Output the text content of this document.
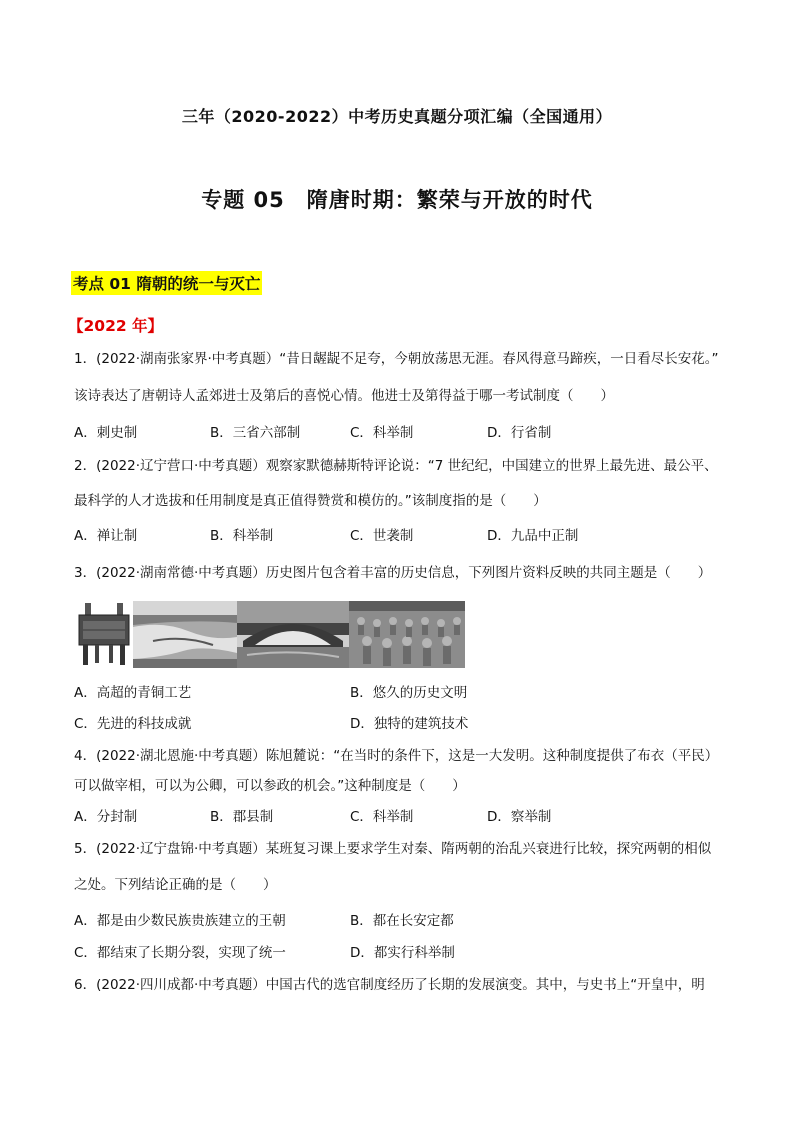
三年（2020-2022）中考历史真题分项汇编（全国通用）
专题 05　隋唐时期：繁荣与开放的时代
考点 01 隋朝的统一与灭亡
【2022 年】
1．(2022·湖南张家界·中考真题）“昔日龌龊不足夸，今朝放荡思无涯。春风得意马蹄疾，一日看尽长安花。”
该诗表达了唐朝诗人孟郊进士及第后的喜悦心情。他进士及第得益于哪一考试制度（　　）
A．刺史制	B．三省六部制	C．科举制	D．行省制
2．(2022·辽宁营口·中考真题）观察家默德赫斯特评论说：“7 世纪纪，中国建立的世界上最先进、最公平、
最科学的人才选拔和任用制度是真正值得赞赏和模仿的。”该制度指的是（　　）
A．禅让制	B．科举制	C．世袭制	D．九品中正制
3．(2022·湖南常德·中考真题）历史图片包含着丰富的历史信息，下列图片资料反映的共同主题是（　　）
A．高超的青铜工艺	B．悠久的历史文明
C．先进的科技成就	D．独特的建筑技术
4．(2022·湖北恩施·中考真题）陈旭麓说：“在当时的条件下，这是一大发明。这种制度提供了布衣（平民）
可以做宰相，可以为公卿，可以参政的机会。”这种制度是（　　）
A．分封制	B．郡县制	C．科举制	D．察举制
5．(2022·辽宁盘锦·中考真题）某班复习课上要求学生对秦、隋两朝的治乱兴衰进行比较，探究两朝的相似
之处。下列结论正确的是（　　）
A．都是由少数民族贵族建立的王朝	B．都在长安定都
C．都结束了长期分裂，实现了统一	D．都实行科举制
6．(2022·四川成都·中考真题）中国古代的选官制度经历了长期的发展演变。其中，与史书上“开皇中，明
